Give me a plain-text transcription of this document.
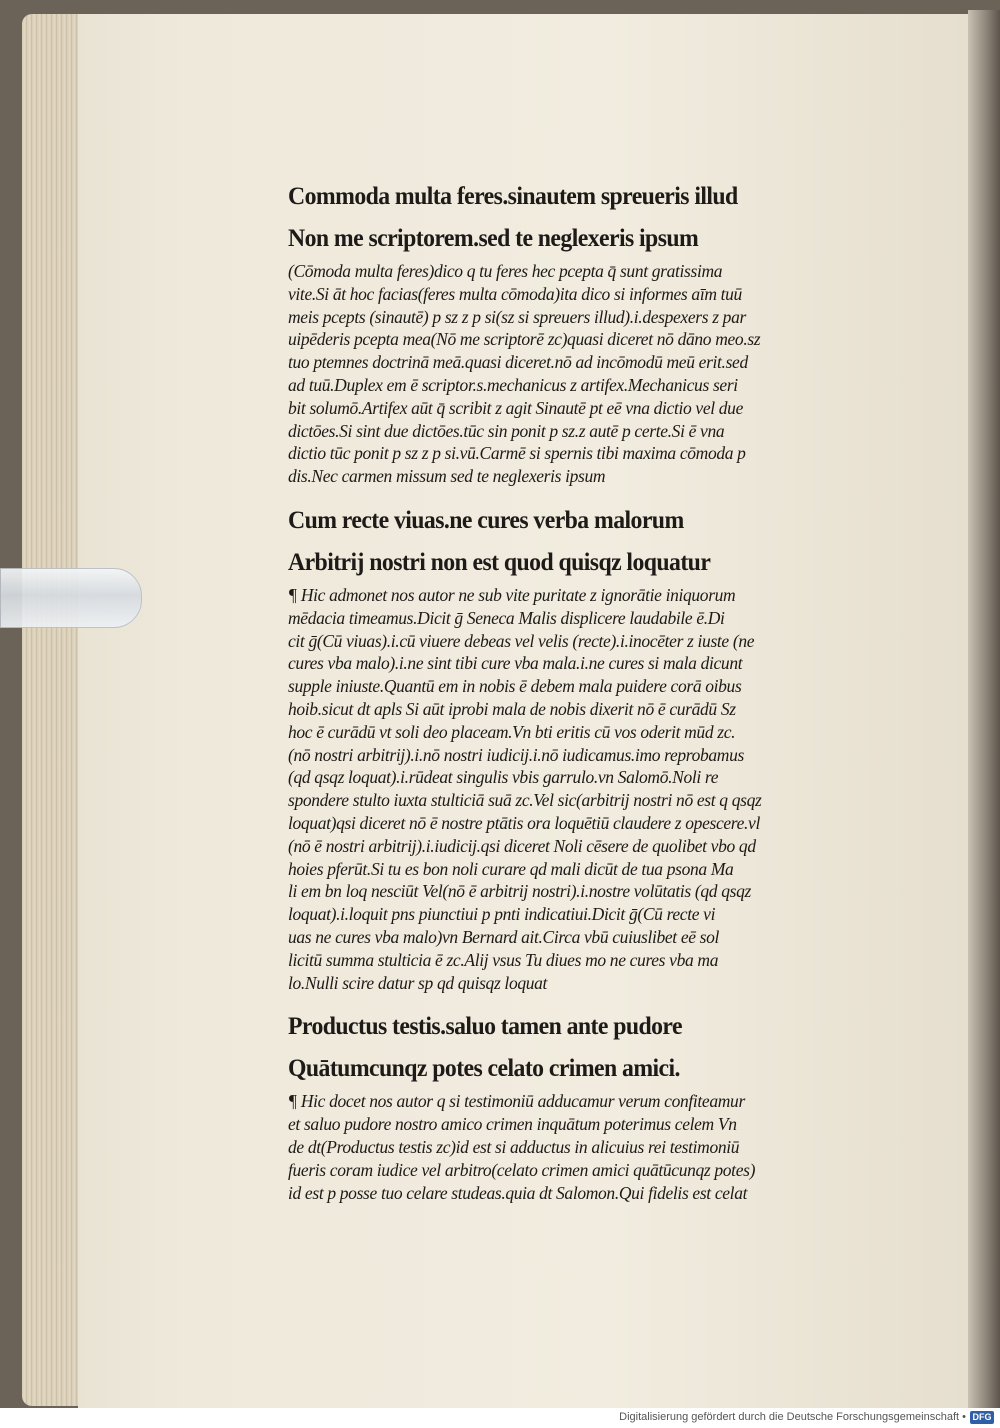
Commoda multa feres.sinautem spreueris illud
Non me scriptorem.sed te neglexeris ipsum
(Cōmoda multa feres)dico q tu feres hec pcepta q̄ sunt gratissima
vite.Si āt hoc facias(feres multa cōmoda)ita dico si informes aīm tuū
meis pcepts (sinautē) p sz z p si(sz si spreuers illud).i.despexers z par
uipēderis pcepta mea(Nō me scriptorē zc)quasi diceret nō dāno meo.sz
tuo ptemnes doctrinā meā.quasi diceret.nō ad incōmodū meū erit.sed
ad tuū.Duplex em ē scriptor.s.mechanicus z artifex.Mechanicus seri
bit solumō.Artifex aūt q̄ scribit z agit Sinautē pt eē vna dictio vel due
dictōes.Si sint due dictōes.tūc sin ponit p sz.z autē p certe.Si ē vna
dictio tūc ponit p sz z p si.vū.Carmē si spernis tibi maxima cōmoda p
dis.Nec carmen missum sed te neglexeris ipsum
Cum recte viuas.ne cures verba malorum
Arbitrij nostri non est quod quisqz loquatur
¶ Hic admonet nos autor ne sub vite puritate z ignorātie iniquorum
mēdacia timeamus.Dicit ḡ Seneca Malis displicere laudabile ē.Di
cit ḡ(Cū viuas).i.cū viuere debeas vel velis (recte).i.inocēter z iuste (ne
cures vba malo).i.ne sint tibi cure vba mala.i.ne cures si mala dicunt
supple iniuste.Quantū em in nobis ē debem mala puidere corā oibus
hoib.sicut dt apls Si aūt iprobi mala de nobis dixerit nō ē curādū Sz
hoc ē curādū vt soli deo placeam.Vn bti eritis cū vos oderit mūd zc.
(nō nostri arbitrij).i.nō nostri iudicij.i.nō iudicamus.imo reprobamus
(qd qsqz loquat).i.rūdeat singulis vbis garrulo.vn Salomō.Noli re
spondere stulto iuxta stulticiā suā zc.Vel sic(arbitrij nostri nō est q qsqz
loquat)qsi diceret nō ē nostre ptātis ora loquētiū claudere z opescere.vl
(nō ē nostri arbitrij).i.iudicij.qsi diceret Noli cēsere de quolibet vbo qd
hoies pferūt.Si tu es bon noli curare qd mali dicūt de tua psona Ma
li em bn loq nesciūt Vel(nō ē arbitrij nostri).i.nostre volūtatis (qd qsqz
loquat).i.loquit pns piunctiui p pnti indicatiui.Dicit ḡ(Cū recte vi
uas ne cures vba malo)vn Bernard ait.Circa vbū cuiuslibet eē sol
licitū summa stulticia ē zc.Alij vsus Tu diues mo ne cures vba ma
lo.Nulli scire datur sp qd quisqz loquat
Productus testis.saluo tamen ante pudore
Quātumcunqz potes celato crimen amici.
¶ Hic docet nos autor q si testimoniū adducamur verum confiteamur
et saluo pudore nostro amico crimen inquātum poterimus celem Vn
de dt(Productus testis zc)id est si adductus in alicuius rei testimoniū
fueris coram iudice vel arbitro(celato crimen amici quātūcunqz potes)
id est p posse tuo celare studeas.quia dt Salomon.Qui fidelis est celat
Digitalisierung gefördert durch die Deutsche Forschungsgemeinschaft • DFG
